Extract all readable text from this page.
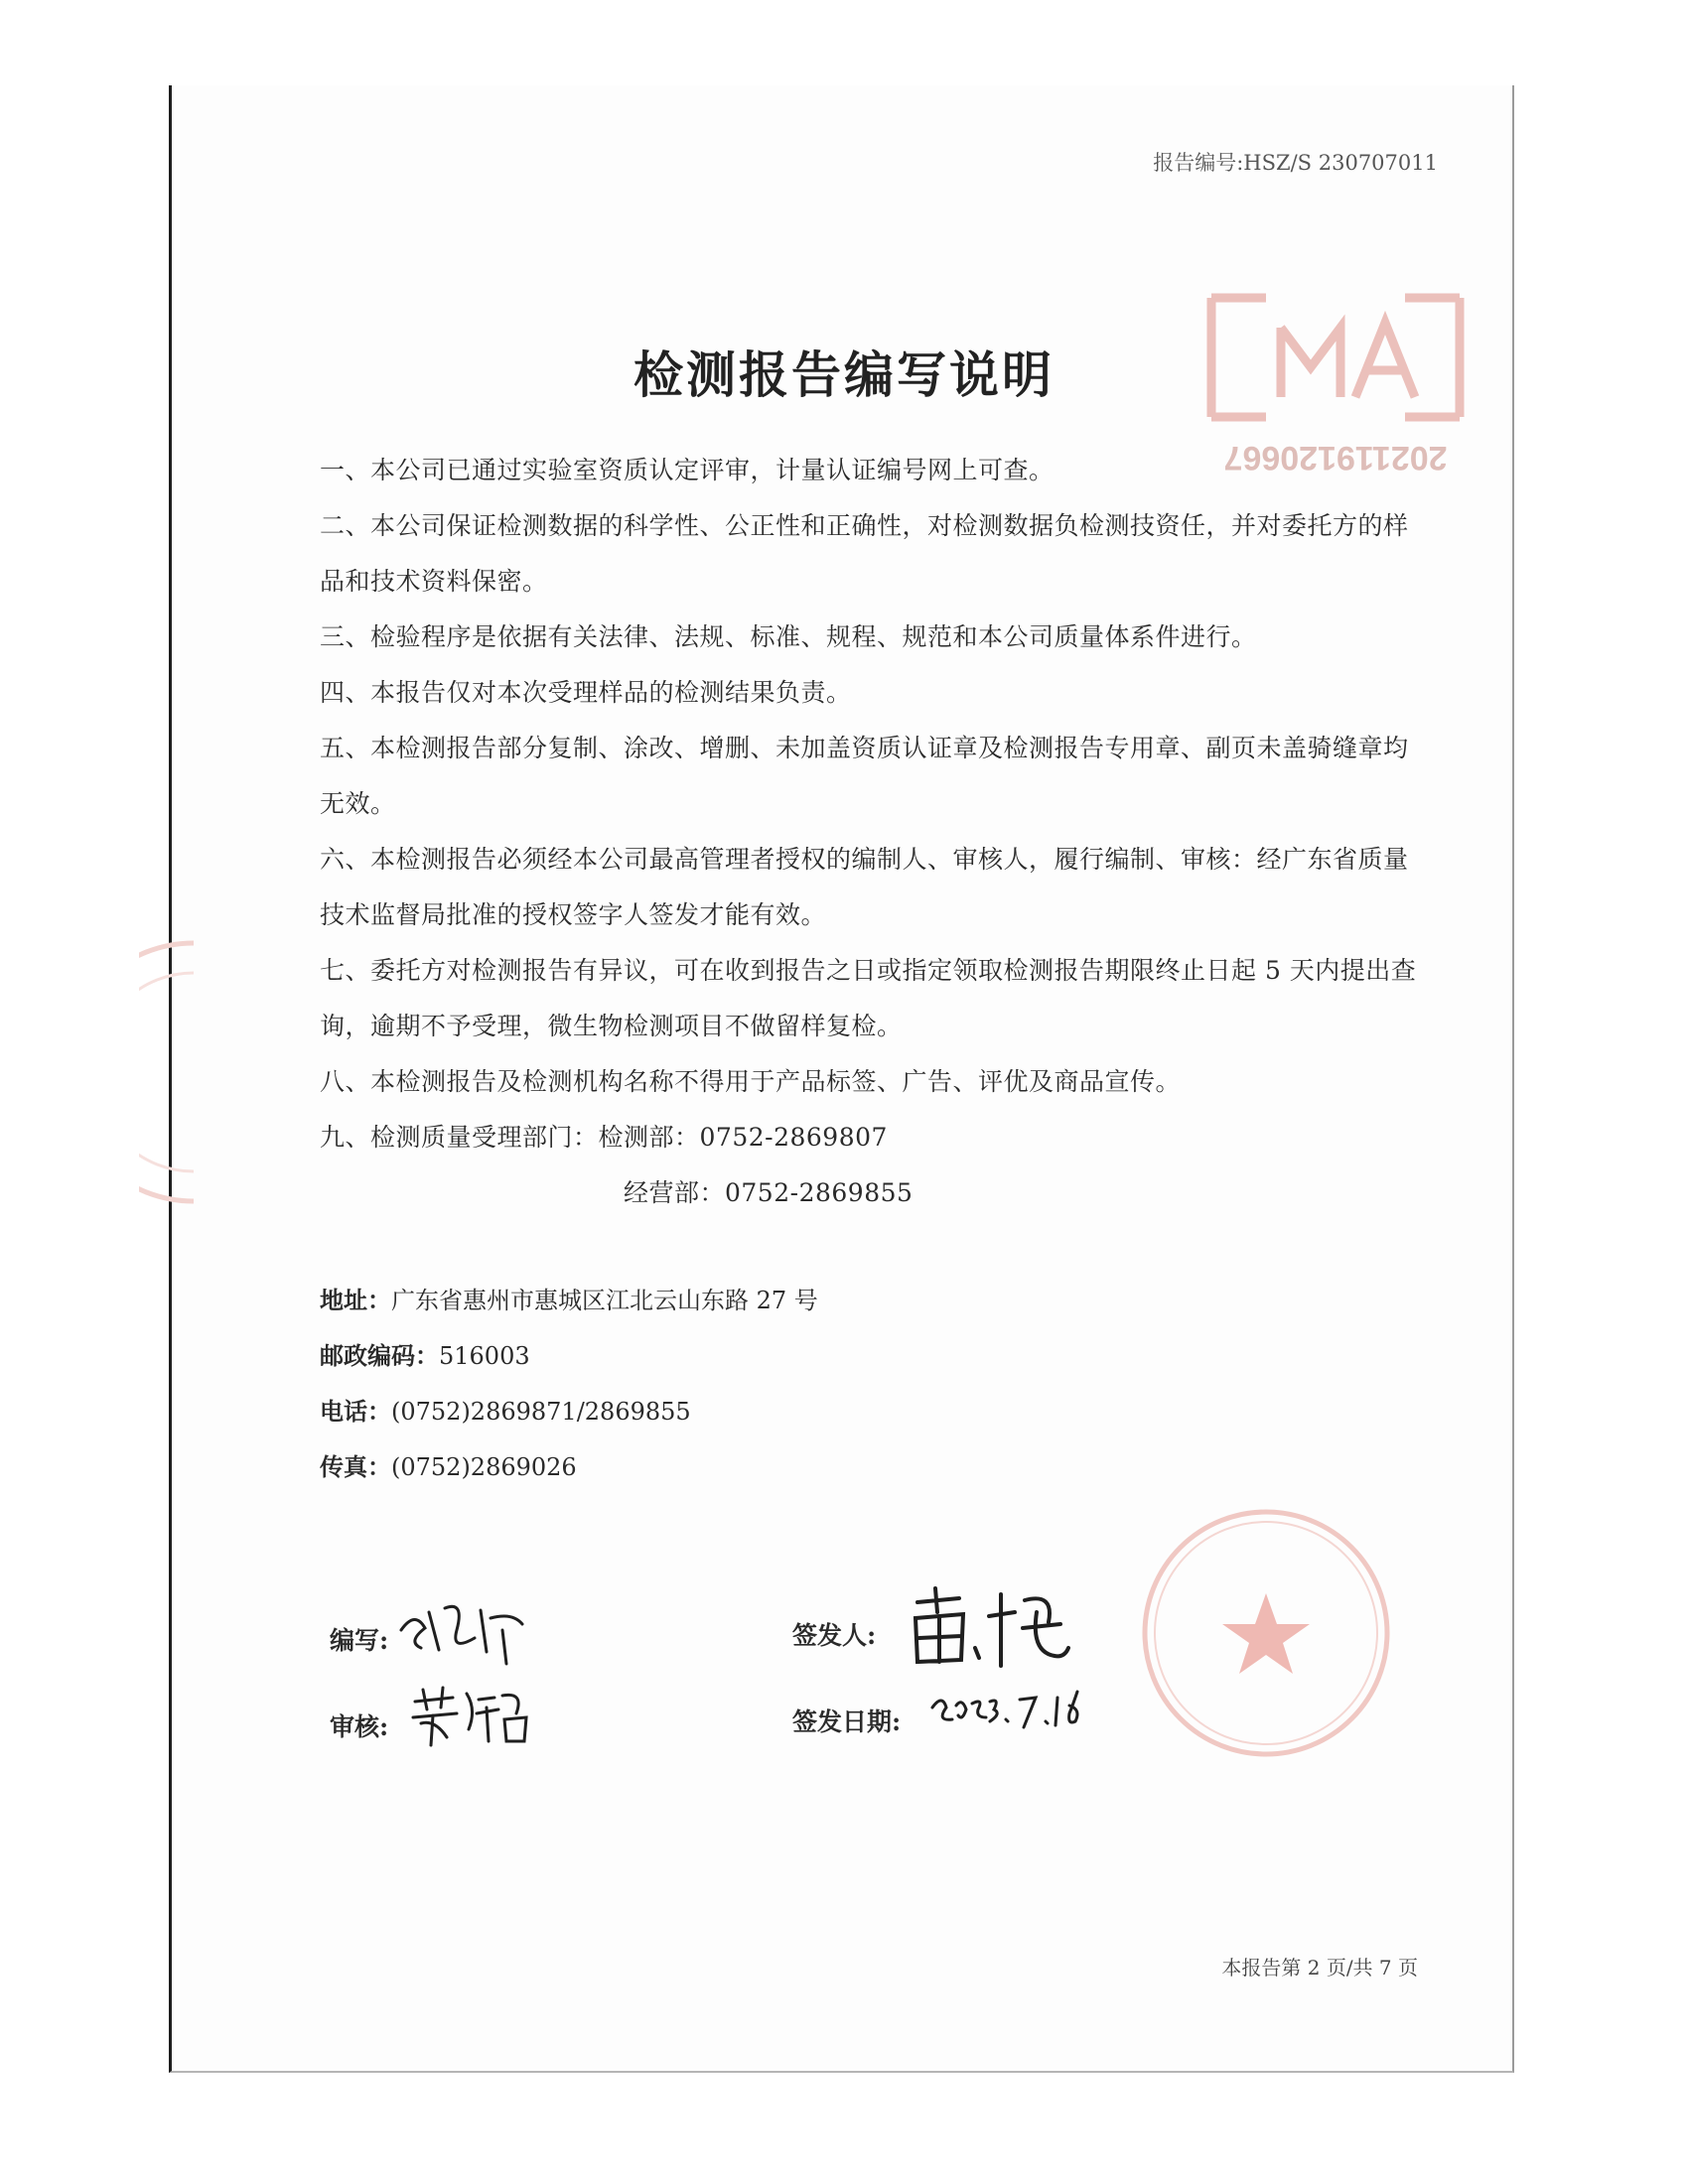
202119120667
报告编号:HSZ/S 230707011
检测报告编写说明

一、本公司已通过实验室资质认定评审，计量认证编号网上可查。

二、本公司保证检测数据的科学性、公正性和正确性，对检测数据负检测技资任，并对委托方的样品和技术资料保密。

三、检验程序是依据有关法律、法规、标准、规程、规范和本公司质量体系件进行。

四、本报告仅对本次受理样品的检测结果负责。

五、本检测报告部分复制、涂改、增删、未加盖资质认证章及检测报告专用章、副页未盖骑缝章均无效。

六、本检测报告必须经本公司最高管理者授权的编制人、审核人，履行编制、审核：经广东省质量技术监督局批准的授权签字人签发才能有效。

七、委托方对检测报告有异议，可在收到报告之日或指定领取检测报告期限终止日起 5 天内提出查询，逾期不予受理，微生物检测项目不做留样复检。

八、本检测报告及检测机构名称不得用于产品标签、广告、评优及商品宣传。

九、检测质量受理部门：检测部：0752-2869807

经营部：0752-2869855

地址：广东省惠州市惠城区江北云山东路 27 号
邮政编码：516003
电话：(0752)2869871/2869855
传真：(0752)2869026
编写:
审核:
签发人:
签发日期:
本报告第 2 页/共 7 页
